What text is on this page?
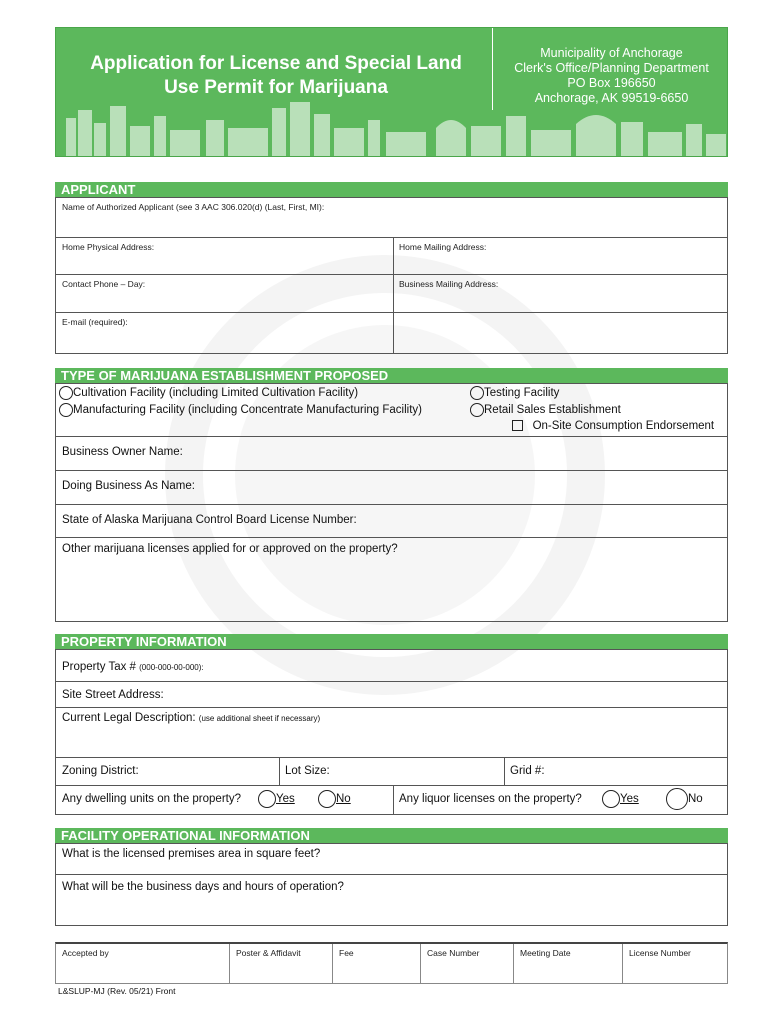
Application for License and Special Land
Use Permit for Marijuana
Municipality of Anchorage
Clerk's Office/Planning Department
PO Box 196650
Anchorage, AK 99519-6650
APPLICANT
Name of Authorized Applicant (see 3 AAC 306.020(d) (Last, First, MI):
Home Physical Address:	Home Mailing Address:
Contact Phone – Day:	Business Mailing Address:
E-mail (required):
TYPE OF MARIJUANA ESTABLISHMENT PROPOSED
Cultivation Facility (including Limited Cultivation Facility)
Manufacturing Facility (including Concentrate Manufacturing Facility)
Testing Facility
Retail Sales Establishment
On-Site Consumption Endorsement
Business Owner Name:
Doing Business As Name:
State of Alaska Marijuana Control Board License Number:
Other marijuana licenses applied for or approved on the property?
PROPERTY INFORMATION
Property Tax # (000-000-00-000):
Site Street Address:
Current Legal Description: (use additional sheet if necessary)
Zoning District:	Lot Size:	Grid #:
Any dwelling units on the property?	Yes	No	Any liquor licenses on the property?	Yes	No
FACILITY OPERATIONAL INFORMATION
What is the licensed premises area in square feet?
What will be the business days and hours of operation?
Accepted by	Poster & Affidavit	Fee	Case Number	Meeting Date	License Number
L&SLUP-MJ (Rev. 05/21) Front
